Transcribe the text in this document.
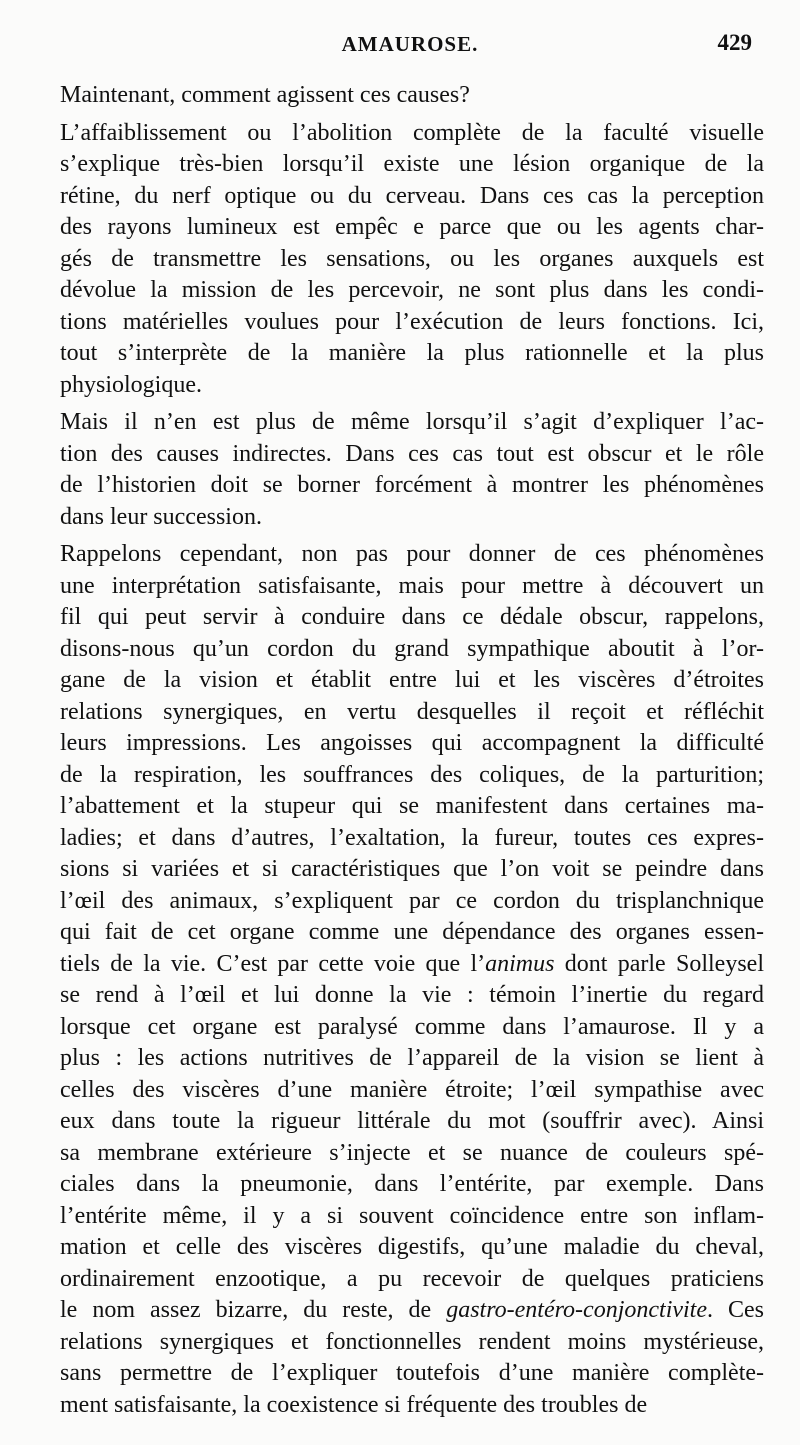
AMAUROSE.	429
Maintenant, comment agissent ces causes?
L’affaiblissement ou l’abolition complète de la faculté visuelle
s’explique très-bien lorsqu’il existe une lésion organique de la
rétine, du nerf optique ou du cerveau. Dans ces cas la perception
des rayons lumineux est empêc e parce que ou les agents char-
gés de transmettre les sensations, ou les organes auxquels est
dévolue la mission de les percevoir, ne sont plus dans les condi-
tions matérielles voulues pour l’exécution de leurs fonctions. Ici,
tout s’interprète de la manière la plus rationnelle et la plus
physiologique.
Mais il n’en est plus de même lorsqu’il s’agit d’expliquer l’ac-
tion des causes indirectes. Dans ces cas tout est obscur et le rôle
de l’historien doit se borner forcément à montrer les phénomènes
dans leur succession.
Rappelons cependant, non pas pour donner de ces phénomènes
une interprétation satisfaisante, mais pour mettre à découvert un
fil qui peut servir à conduire dans ce dédale obscur, rappelons,
disons-nous qu’un cordon du grand sympathique aboutit à l’or-
gane de la vision et établit entre lui et les viscères d’étroites
relations synergiques, en vertu desquelles il reçoit et réfléchit
leurs impressions. Les angoisses qui accompagnent la difficulté
de la respiration, les souffrances des coliques, de la parturition;
l’abattement et la stupeur qui se manifestent dans certaines ma-
ladies; et dans d’autres, l’exaltation, la fureur, toutes ces expres-
sions si variées et si caractéristiques que l’on voit se peindre dans
l’œil des animaux, s’expliquent par ce cordon du trisplanchnique
qui fait de cet organe comme une dépendance des organes essen-
tiels de la vie. C’est par cette voie que l’animus dont parle Solleysel
se rend à l’œil et lui donne la vie : témoin l’inertie du regard
lorsque cet organe est paralysé comme dans l’amaurose. Il y a
plus : les actions nutritives de l’appareil de la vision se lient à
celles des viscères d’une manière étroite; l’œil sympathise avec
eux dans toute la rigueur littérale du mot (souffrir avec). Ainsi
sa membrane extérieure s’injecte et se nuance de couleurs spé-
ciales dans la pneumonie, dans l’entérite, par exemple. Dans
l’entérite même, il y a si souvent coïncidence entre son inflam-
mation et celle des viscères digestifs, qu’une maladie du cheval,
ordinairement enzootique, a pu recevoir de quelques praticiens
le nom assez bizarre, du reste, de gastro-entéro-conjonctivite. Ces
relations synergiques et fonctionnelles rendent moins mystérieuse,
sans permettre de l’expliquer toutefois d’une manière complète-
ment satisfaisante, la coexistence si fréquente des troubles de
